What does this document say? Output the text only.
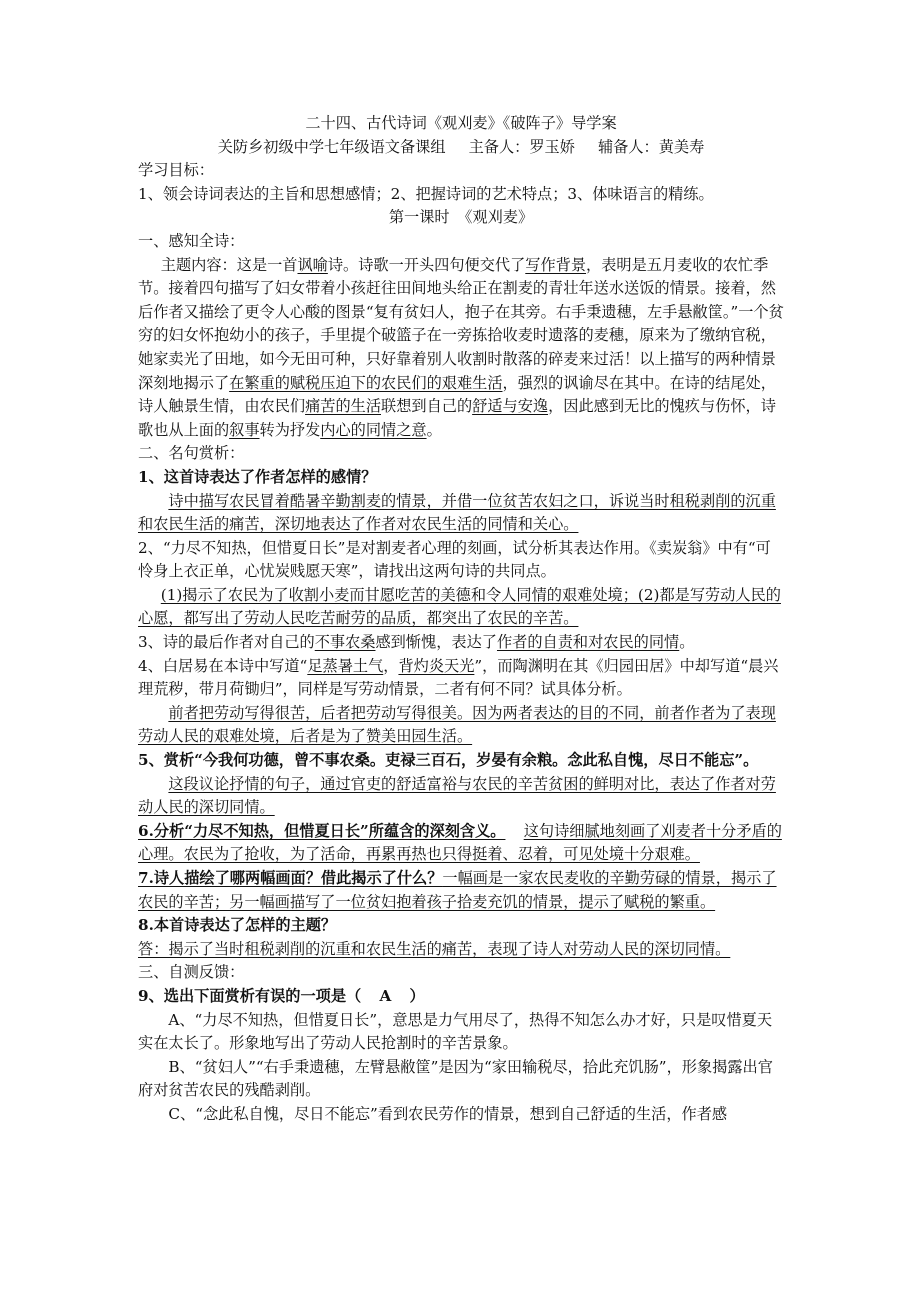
二十四、古代诗词《观刈麦》《破阵子》导学案

关防乡初级中学七年级语文备课组 主备人：罗玉娇 辅备人：黄美寿

学习目标：

1、领会诗词表达的主旨和思想感情；2、把握诗词的艺术特点；3、体味语言的精练。

第一课时　《观刈麦》

一、感知全诗：

主题内容：这是一首讽喻诗。诗歌一开头四句便交代了写作背景，表明是五月麦收的农忙季节。接着四句描写了妇女带着小孩赶往田间地头给正在割麦的青壮年送水送饭的情景。接着，然后作者又描绘了更令人心酸的图景“复有贫妇人，抱子在其旁。右手秉遗穗，左手悬敝筐。”一个贫穷的妇女怀抱幼小的孩子，手里提个破篮子在一旁拣拾收麦时遗落的麦穗，原来为了缴纳官税，她家卖光了田地，如今无田可种，只好靠着别人收割时散落的碎麦来过活！以上描写的两种情景深刻地揭示了在繁重的赋税压迫下的农民们的艰难生活，强烈的讽谕尽在其中。在诗的结尾处，　诗人触景生情，由农民们痛苦的生活联想到自己的舒适与安逸，因此感到无比的愧疚与伤怀，诗歌也从上面的叙事转为抒发内心的同情之意。

二、名句赏析：

1、这首诗表达了作者怎样的感情？

诗中描写农民冒着酷暑辛勤割麦的情景，并借一位贫苦农妇之口，诉说当时租税剥削的沉重和农民生活的痛苦，深切地表达了作者对农民生活的同情和关心。

2、“力尽不知热，但惜夏日长”是对割麦者心理的刻画，试分析其表达作用。《卖炭翁》中有“可怜身上衣正单，心忧炭贱愿天寒”，请找出这两句诗的共同点。

(1)揭示了农民为了收割小麦而甘愿吃苦的美德和令人同情的艰难处境；(2)都是写劳动人民的心愿，都写出了劳动人民吃苦耐劳的品质，都突出了农民的辛苦。

3、诗的最后作者对自己的不事农桑感到惭愧，表达了作者的自责和对农民的同情。

4、白居易在本诗中写道“足蒸暑土气，背灼炎天光”，而陶渊明在其《归园田居》中却写道“晨兴理荒秽，带月荷锄归”，同样是写劳动情景，二者有何不同？试具体分析。

前者把劳动写得很苦，后者把劳动写得很美。因为两者表达的目的不同，前者作者为了表现劳动人民的艰难处境，后者是为了赞美田园生活。

5、赏析“今我何功德，曾不事农桑。吏禄三百石，岁晏有余粮。念此私自愧，尽日不能忘”。

这段议论抒情的句子，通过官吏的舒适富裕与农民的辛苦贫困的鲜明对比，表达了作者对劳动人民的深切同情。

6.分析“力尽不知热，但惜夏日长”所蕴含的深刻含义。 这句诗细腻地刻画了刈麦者十分矛盾的心理。农民为了抢收，为了活命，再累再热也只得挺着、忍着，可见处境十分艰难。

7.诗人描绘了哪两幅画面？借此揭示了什么？一幅画是一家农民麦收的辛勤劳碌的情景，揭示了农民的辛苦；另一幅画描写了一位贫妇抱着孩子拾麦充饥的情景，提示了赋税的繁重。

8.本首诗表达了怎样的主题？

答：揭示了当时租税剥削的沉重和农民生活的痛苦，表现了诗人对劳动人民的深切同情。

三、自测反馈：

9、选出下面赏析有误的一项是（ A ）

A、“力尽不知热，但惜夏日长”，意思是力气用尽了，热得不知怎么办才好，只是叹惜夏天实在太长了。形象地写出了劳动人民抢割时的辛苦景象。

B、“贫妇人”“右手秉遗穗，左臂悬敝筐”是因为“家田输税尽，拾此充饥肠”，形象揭露出官府对贫苦农民的残酷剥削。

C、“念此私自愧，尽日不能忘”看到农民劳作的情景，想到自己舒适的生活，作者感
